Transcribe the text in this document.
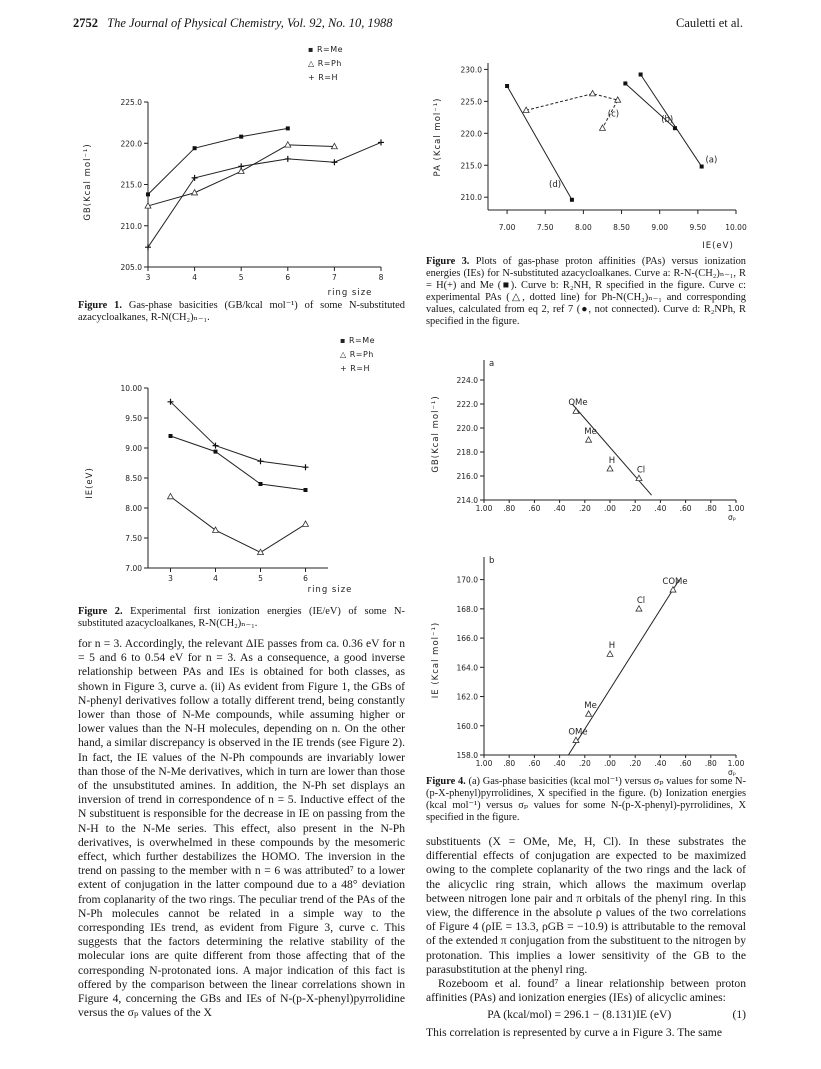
2752 The Journal of Physical Chemistry, Vol. 92, No. 10, 1988	Cauletti et al.
205.0
210.0
215.0
220.0
225.0
3	4	5	6	7	8
GB(Kcal mol⁻¹)
ring size
▪ R=Me
△ R=Ph
+ R=H
Figure 1. Gas-phase basicities (GB/kcal mol⁻¹) of some N-substituted azacycloalkanes, R-N(CH₂)ₙ₋₁.
7.00
7.50
8.00
8.50
9.00
9.50
10.00
3	4	5	6
IE(eV)
ring size
▪ R=Me
△ R=Ph
+ R=H
Figure 2. Experimental first ionization energies (IE/eV) of some N-substituted azacycloalkanes, R-N(CH₂)ₙ₋₁.

for n = 3. Accordingly, the relevant ΔIE passes from ca. 0.36 eV for n = 5 and 6 to 0.54 eV for n = 3. As a consequence, a good inverse relationship between PAs and IEs is obtained for both classes, as shown in Figure 3, curve a. (ii) As evident from Figure 1, the GBs of N-phenyl derivatives follow a totally different trend, being constantly lower than those of N-Me compounds, while assuming higher or lower values than the N-H molecules, depending on n. On the other hand, a similar discrepancy is observed in the IE trends (see Figure 2). In fact, the IE values of the N-Ph compounds are invariably lower than those of the N-Me derivatives, which in turn are lower than those of the unsubstituted amines. In addition, the N-Ph set displays an inversion of trend in correspondence of n = 5. Inductive effect of the N substituent is responsible for the decrease in IE on passing from the N-H to the N-Me series. This effect, also present in the N-Ph derivatives, is overwhelmed in these compounds by the mesomeric effect, which further destabilizes the HOMO. The inversion in the trend on passing to the member with n = 6 was attributed⁷ to a lower extent of conjugation in the latter compound due to a 48° deviation from coplanarity of the two rings. The peculiar trend of the PAs of the N-Ph molecules cannot be related in a simple way to the corresponding IEs trend, as evident from Figure 3, curve c. This suggests that the factors determining the relative stability of the molecular ions are quite different from those affecting that of the corresponding N-protonated ions. A major indication of this fact is offered by the comparison between the linear correlations shown in Figure 4, concerning the GBs and IEs of N-(p-X-phenyl)pyrrolidine versus the σₚ values of the X

210.0
215.0
220.0
225.0
230.0
7.00	7.50	8.00	8.50	9.00	9.50	10.00
PA (Kcal mol⁻¹)
IE(eV)
(a)
(b)
(c)
(d)
Figure 3. Plots of gas-phase proton affinities (PAs) versus ionization energies (IEs) for N-substituted azacycloalkanes. Curve a: R-N-(CH₂)ₙ₋₁, R = H(+) and Me (■). Curve b: R₂NH, R specified in the figure. Curve c: experimental PAs (△, dotted line) for Ph-N(CH₂)ₙ₋₁ and corresponding values, calculated from eq 2, ref 7 (●, not connected). Curve d: R₂NPh, R specified in the figure.
a
214.0
216.0
218.0
220.0
222.0
224.0
1.00 .80 .60 .40 .20 .00 .20 .40 .60 .80 1.00
GB(Kcal mol⁻¹)
σₚ
OMe
Me
H
Cl
b
158.0
160.0
162.0
164.0
166.0
168.0
170.0
1.00 .80 .60 .40 .20 .00 .20 .40 .60 .80 1.00
IE (Kcal mol⁻¹)
σₚ
COMe
Cl
H
Me
OMe
Figure 4. (a) Gas-phase basicities (kcal mol⁻¹) versus σₚ values for some N-(p-X-phenyl)pyrrolidines, X specified in the figure. (b) Ionization energies (kcal mol⁻¹) versus σₚ values for some N-(p-X-phenyl)-pyrrolidines, X specified in the figure.

substituents (X = OMe, Me, H, Cl). In these substrates the differential effects of conjugation are expected to be maximized owing to the complete coplanarity of the two rings and the lack of the alicyclic ring strain, which allows the maximum overlap between nitrogen lone pair and π orbitals of the phenyl ring. In this view, the difference in the absolute ρ values of the two correlations of Figure 4 (ρIE = 13.3, ρGB = −10.9) is attributable to the removal of the extended π conjugation from the substituent to the nitrogen by protonation. This implies a lower sensitivity of the GB to the parasubstitution at the phenyl ring.

Rozeboom et al. found⁷ a linear relationship between proton affinities (PAs) and ionization energies (IEs) of alicyclic amines:

PA (kcal/mol) = 296.1 − (8.131)IE (eV)	(1)

This correlation is represented by curve a in Figure 3. The same
